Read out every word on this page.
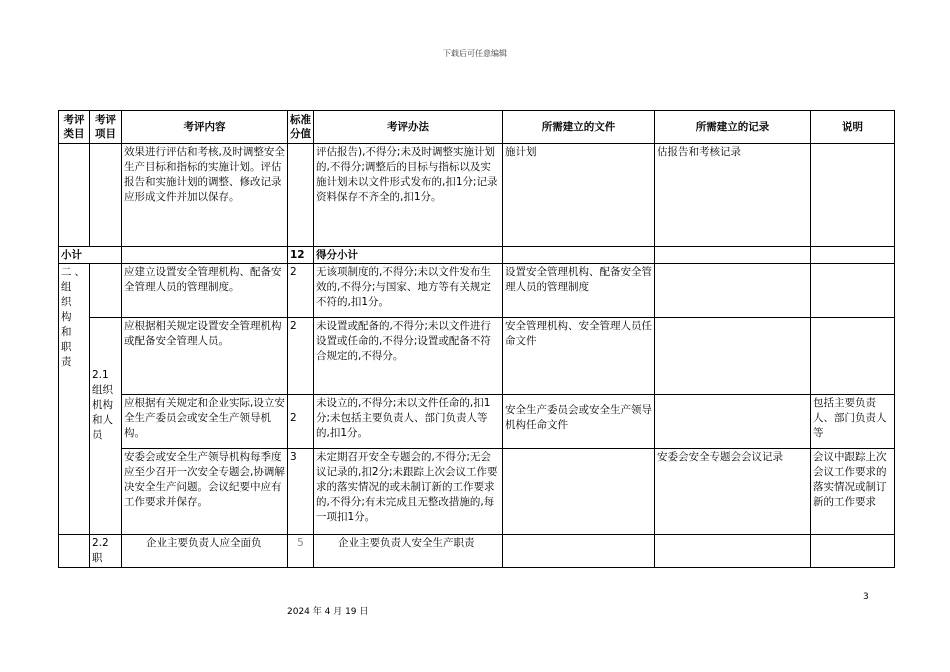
下载后可任意编辑
考评类目	考评项目	考评内容	标准分值	考评办法	所需建立的文件	所需建立的记录	说明
		效果进行评估和考核,及时调整安全生产目标和指标的实施计划。评估报告和实施计划的调整、修改记录应形成文件并加以保存。		评估报告),不得分;未及时调整实施计划的,不得分;调整后的目标与指标以及实施计划未以文件形式发布的,扣1分;记录资料保存不齐全的,扣1分。	施计划	估报告和考核记录	
小计			12	得分小计			
二、组织构和职责		应建立设置安全管理机构、配备安全管理人员的管理制度。	2	无该项制度的,不得分;未以文件发布生效的,不得分;与国家、地方等有关规定不符的,扣1分。	设置安全管理机构、配备安全管理人员的管理制度		
	2.1组织机构和人员	应根据相关规定设置安全管理机构或配备安全管理人员。	2	未设置或配备的,不得分;未以文件进行设置或任命的,不得分;设置或配备不符合规定的,不得分。	安全管理机构、安全管理人员任命文件		
		应根据有关规定和企业实际,设立安全生产委员会或安全生产领导机构。	2	未设立的,不得分;未以文件任命的,扣1分;未包括主要负责人、部门负责人等的,扣1分。	安全生产委员会或安全生产领导机构任命文件		包括主要负责人、部门负责人等
		安委会或安全生产领导机构每季度应至少召开一次安全专题会,协调解决安全生产问题。会议纪要中应有工作要求并保存。	3	未定期召开安全专题会的,不得分;无会议记录的,扣2分;未跟踪上次会议工作要求的落实情况的或未制订新的工作要求的,不得分;有未完成且无整改措施的,每一项扣1分。		安委会安全专题会会议记录	会议中跟踪上次会议工作要求的落实情况或制订新的工作要求
	2.2职	企业主要负责人应全面负	5	企业主要负责人安全生产职责			
3
2024 年 4 月 19 日
